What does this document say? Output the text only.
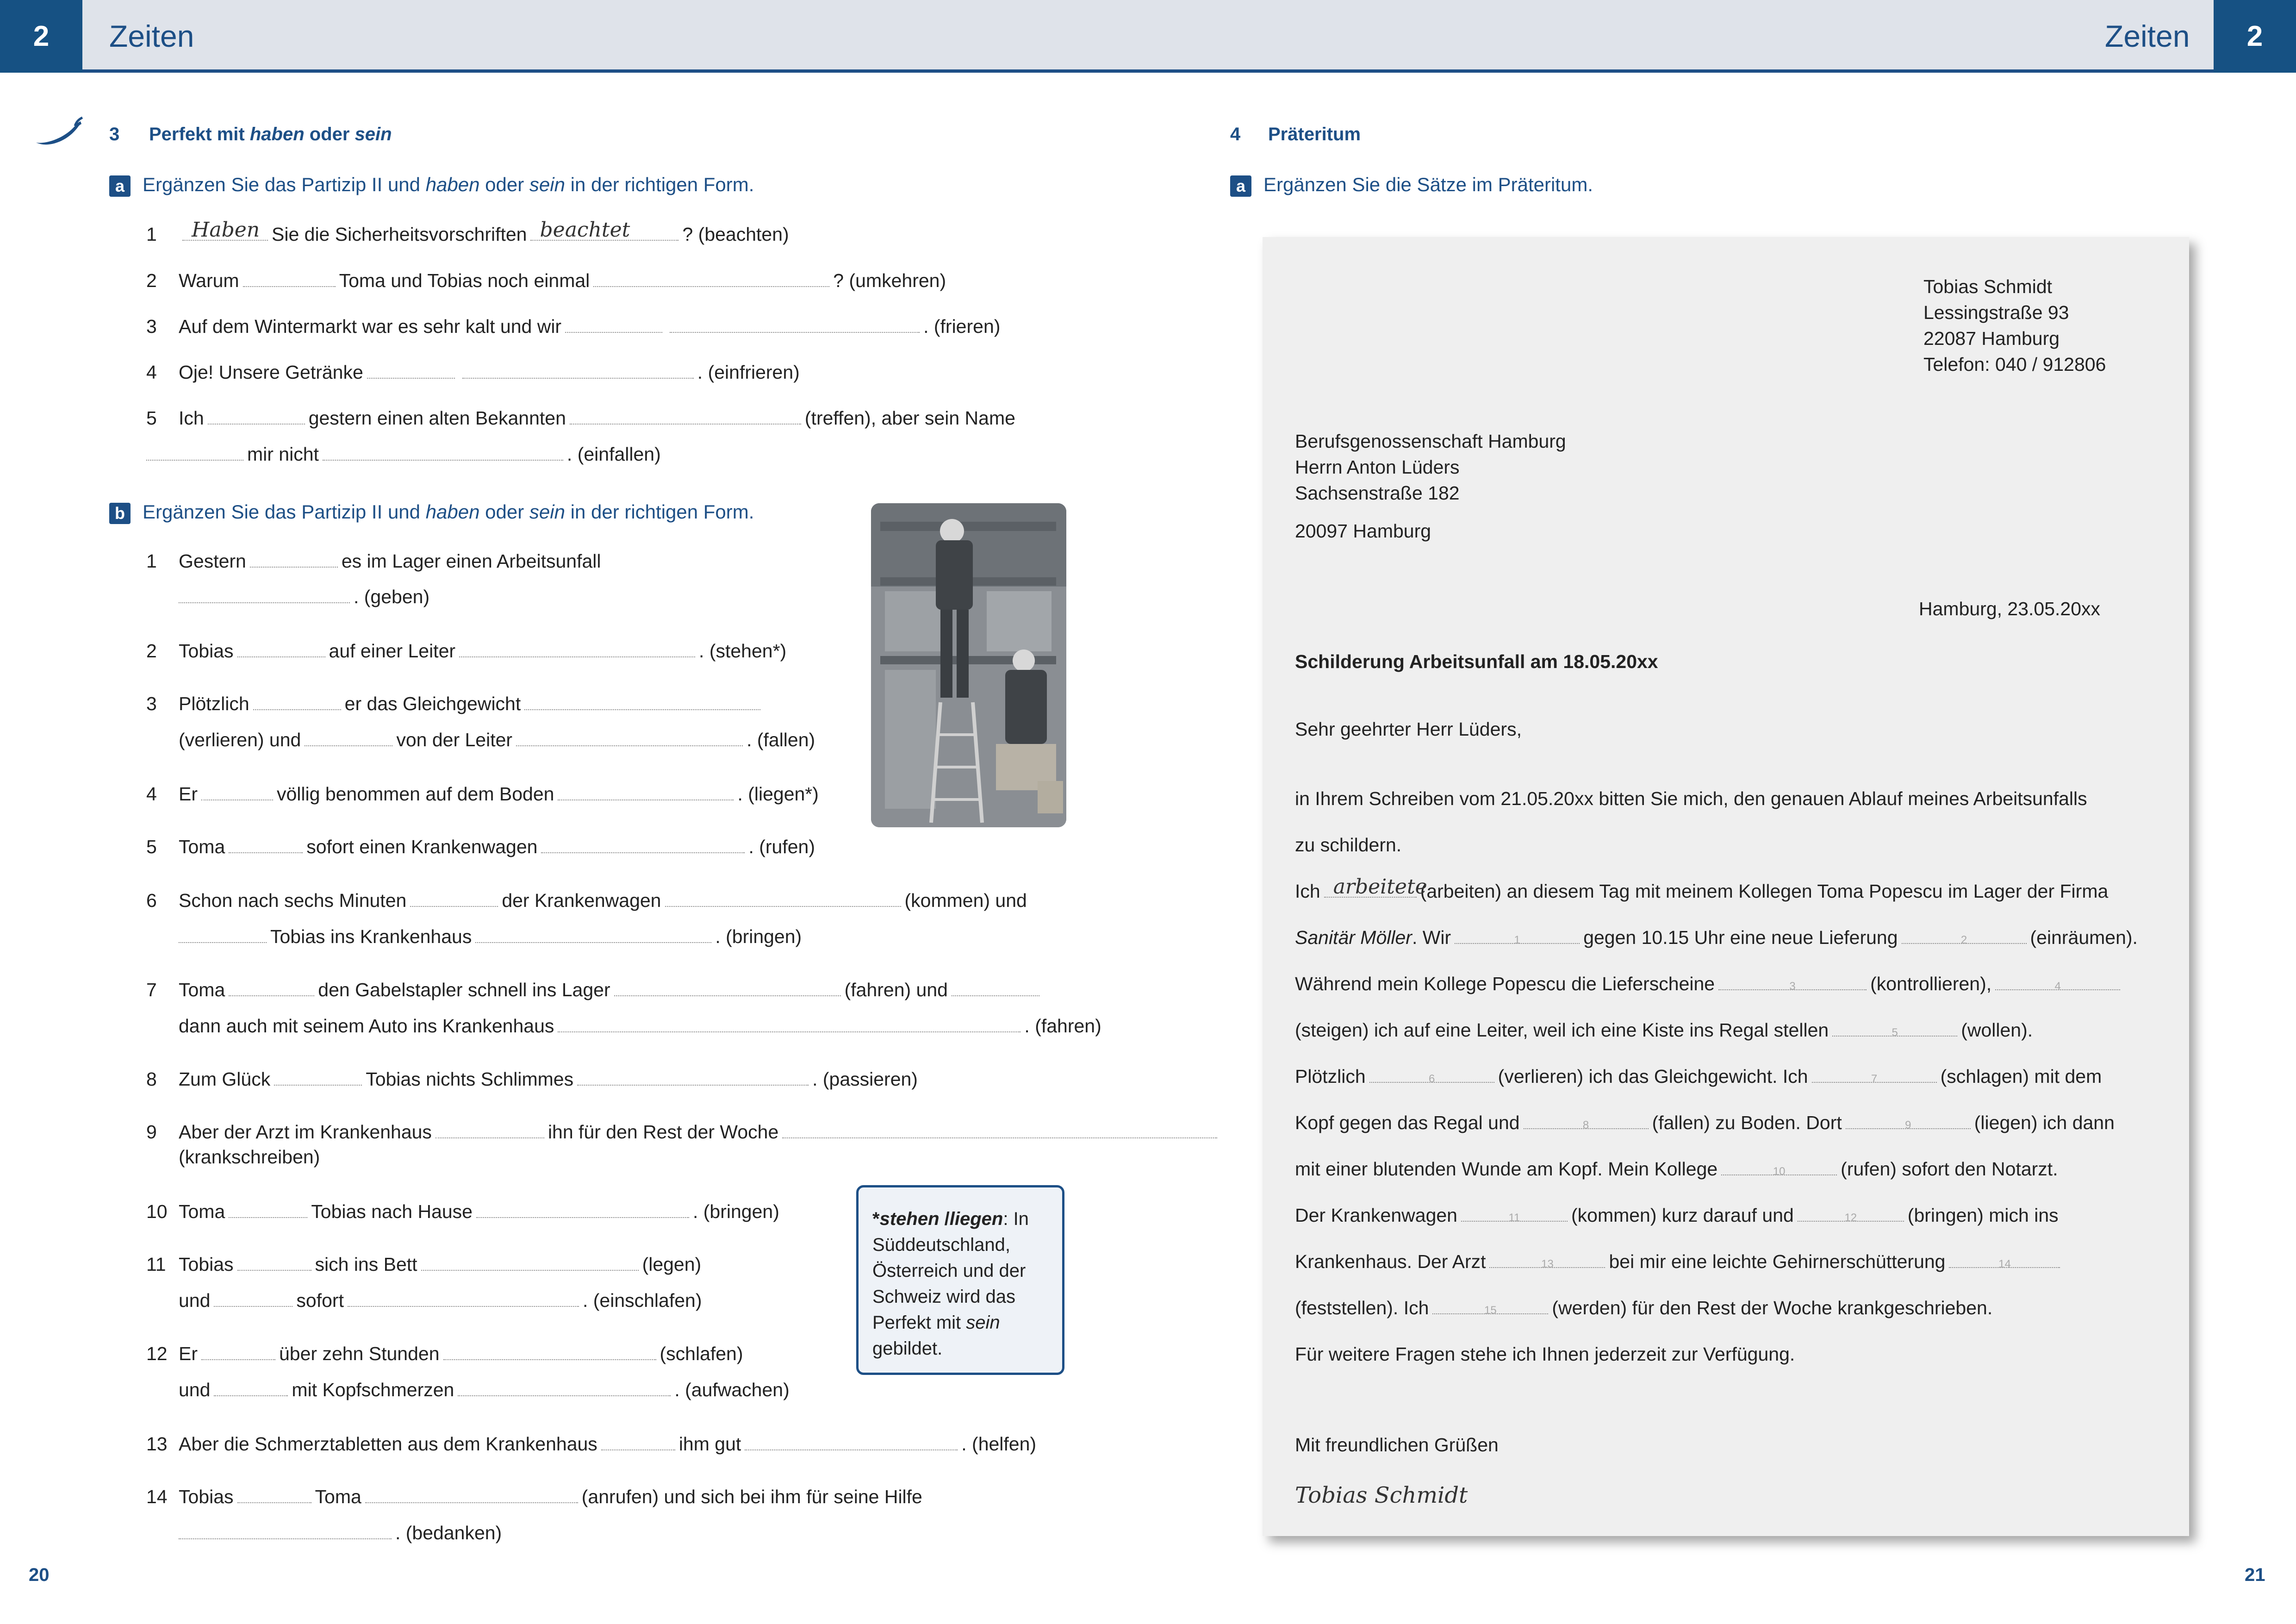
2	Zeiten	Zeiten	2
3 Perfekt mit haben oder sein
a Ergänzen Sie das Partizip II und haben oder sein in der richtigen Form.
1 Haben Sie die Sicherheitsvorschriften beachtet	? (beachten)
2 Warum	Toma und Tobias noch einmal	? (umkehren)
3 Auf dem Wintermarkt war es sehr kalt und wir	. (frieren)
4 Oje! Unsere Getränke	. (einfrieren)
5 Ich	gestern einen alten Bekannten	(treffen), aber sein Name
mir nicht	. (einfallen)
b Ergänzen Sie das Partizip II und haben oder sein in der richtigen Form.
1 Gestern	es im Lager einen Arbeitsunfall
. (geben)
2 Tobias	auf einer Leiter	. (stehen*)
3 Plötzlich	er das Gleichgewicht
(verlieren) und	von der Leiter	. (fallen)
4 Er	völlig benommen auf dem Boden	. (liegen*)
5 Toma	sofort einen Krankenwagen	. (rufen)
6 Schon nach sechs Minuten	der Krankenwagen	(kommen) und
Tobias ins Krankenhaus	. (bringen)
7 Toma	den Gabelstapler schnell ins Lager	(fahren) und
dann auch mit seinem Auto ins Krankenhaus	. (fahren)
8 Zum Glück	Tobias nichts Schlimmes	. (passieren)
9 Aber der Arzt im Krankenhaus	ihn für den Rest der Woche
(krankschreiben)
10 Toma	Tobias nach Hause	. (bringen)
11 Tobias	sich ins Bett	(legen)
und	sofort	. (einschlafen)
12 Er	über zehn Stunden	(schlafen)
und	mit Kopfschmerzen	. (aufwachen)
13 Aber die Schmerztabletten aus dem Krankenhaus	ihm gut	. (helfen)
14 Tobias	Toma	(anrufen) und sich bei ihm für seine Hilfe
. (bedanken)
*stehen /liegen: In
Süddeutschland,
Österreich und der
Schweiz wird das
Perfekt mit sein
gebildet.
4 Präteritum
a Ergänzen Sie die Sätze im Präteritum.
Tobias Schmidt
Lessingstraße 93
22087 Hamburg
Telefon: 040 / 912806
Berufsgenossenschaft Hamburg
Herrn Anton Lüders
Sachsenstraße 182
20097 Hamburg
Hamburg, 23.05.20xx
Schilderung Arbeitsunfall am 18.05.20xx
Sehr geehrter Herr Lüders,
in Ihrem Schreiben vom 21.05.20xx bitten Sie mich, den genauen Ablauf meines Arbeitsunfalls
zu schildern.
Ich arbeitete
(arbeiten) an diesem Tag mit meinem Kollegen Toma Popescu im Lager der Firma
Sanitär Möller. Wir	1	gegen 10.15 Uhr eine neue Lieferung	2	(einräumen).
Während mein Kollege Popescu die Lieferscheine	3	(kontrollieren),	4
(steigen) ich auf eine Leiter, weil ich eine Kiste ins Regal stellen	5	(wollen).
Plötzlich	6	(verlieren) ich das Gleichgewicht. Ich	7	(schlagen) mit dem
Kopf gegen das Regal und	8	(fallen) zu Boden. Dort	9	(liegen) ich dann
mit einer blutenden Wunde am Kopf. Mein Kollege	10	(rufen) sofort den Notarzt.
Der Krankenwagen	11	(kommen) kurz darauf und	12	(bringen) mich ins
Krankenhaus. Der Arzt	13	bei mir eine leichte Gehirnerschütterung	14
(feststellen). Ich	15	(werden) für den Rest der Woche krankgeschrieben.
Für weitere Fragen stehe ich Ihnen jederzeit zur Verfügung.
Mit freundlichen Grüßen
Tobias Schmidt
20	21
